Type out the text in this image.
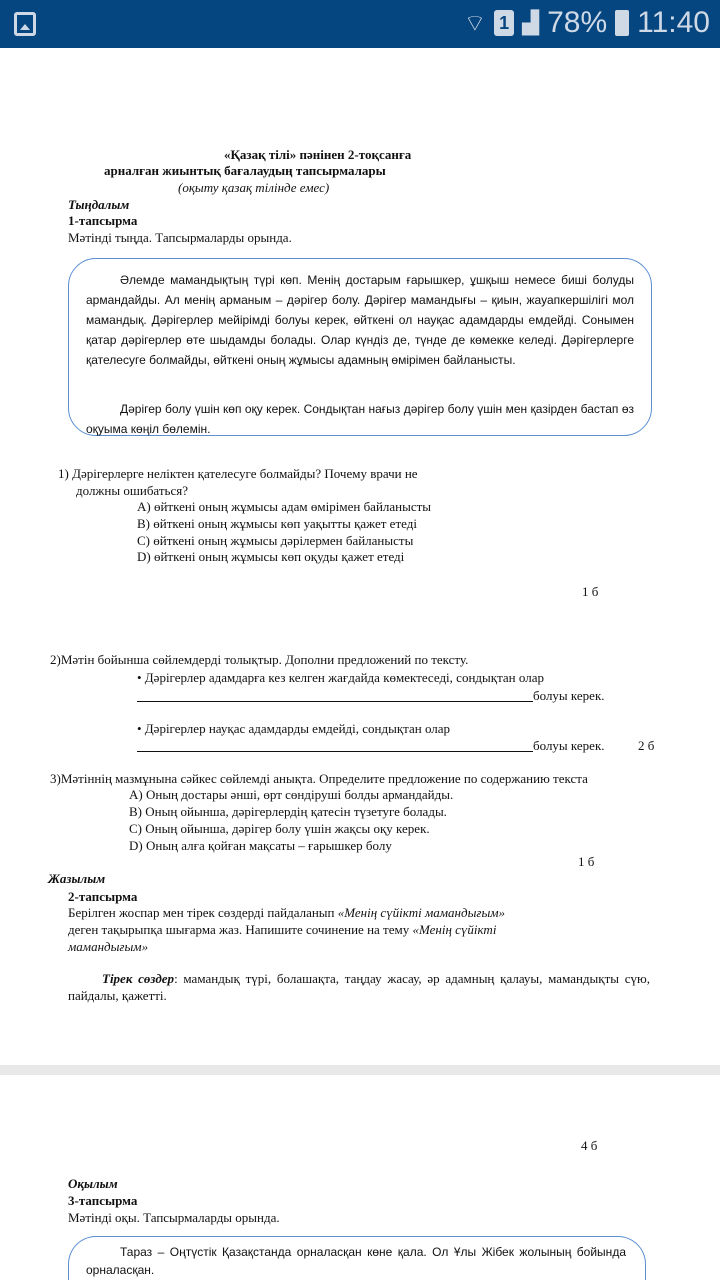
⌔ 1 ▟ 78% 11:40
«Қазақ тілі» пәнінен 2-тоқсанға
арналған жиынтық бағалаудың тапсырмалары
(оқыту қазақ тілінде емес)
Тыңдалым
1-тапсырма
Мәтінді тыңда. Тапсырмаларды орында.
Әлемде мамандықтың түрі көп. Менің достарым ғарышкер, ұшқыш немесе биші болуды армандайды. Ал менің арманым – дәрігер болу. Дәрігер мамандығы – қиын, жауапкершілігі мол мамандық. Дәрігерлер мейірімді болуы керек, өйткені ол науқас адамдарды емдейді. Сонымен қатар дәрігерлер өте шыдамды болады. Олар күндіз де, түнде де көмекке келеді. Дәрігерлерге қателесуге болмайды, өйткені оның жұмысы адамның өмірімен байланысты.
Дәрігер болу үшін көп оқу керек. Сондықтан нағыз дәрігер болу үшін мен қазірден бастап өз оқуыма көңіл бөлемін.
1) Дәрігерлерге неліктен қателесуге болмайды? Почему врачи не
должны ошибаться?
A) өйткені оның жұмысы адам өмірімен байланысты
B) өйткені оның жұмысы көп уақытты қажет етеді
C) өйткені оның жұмысы дәрілермен байланысты
D) өйткені оның жұмысы көп оқуды қажет етеді
1 б
2)Мәтін бойынша сөйлемдерді толықтыр. Дополни предложений по тексту.
• Дәрігерлер адамдарға кез келген жағдайда көмектеседі, сондықтан олар
болуы керек.
• Дәрігерлер науқас адамдарды емдейді, сондықтан олар
болуы керек.	2 б
3)Мәтіннің мазмұнына сәйкес сөйлемді анықта. Определите предложение по содержанию текста
A) Оның достары әнші, өрт сөндіруші болды армандайды.
B) Оның ойынша, дәрігерлердің қатесін түзетуге болады.
C) Оның ойынша, дәрігер болу үшін жақсы оқу керек.
D) Оның алға қойған мақсаты – ғарышкер болу
1 б
Жазылым
2-тапсырма
Берілген жоспар мен тірек сөздерді пайдаланып «Менің сүйікті мамандығым»
деген тақырыпқа шығарма жаз. Напишите сочинение на тему «Менің сүйікті
мамандығым»
Тірек сөздер: мамандық түрі, болашақта, таңдау жасау, әр адамның қалауы, мамандықты сүю, пайдалы, қажетті.
4 б
Оқылым
3-тапсырма
Мәтінді оқы. Тапсырмаларды орында.
Тараз – Оңтүстік Қазақстанда орналасқан көне қала. Ол Ұлы Жібек жолының бойында орналасқан.
